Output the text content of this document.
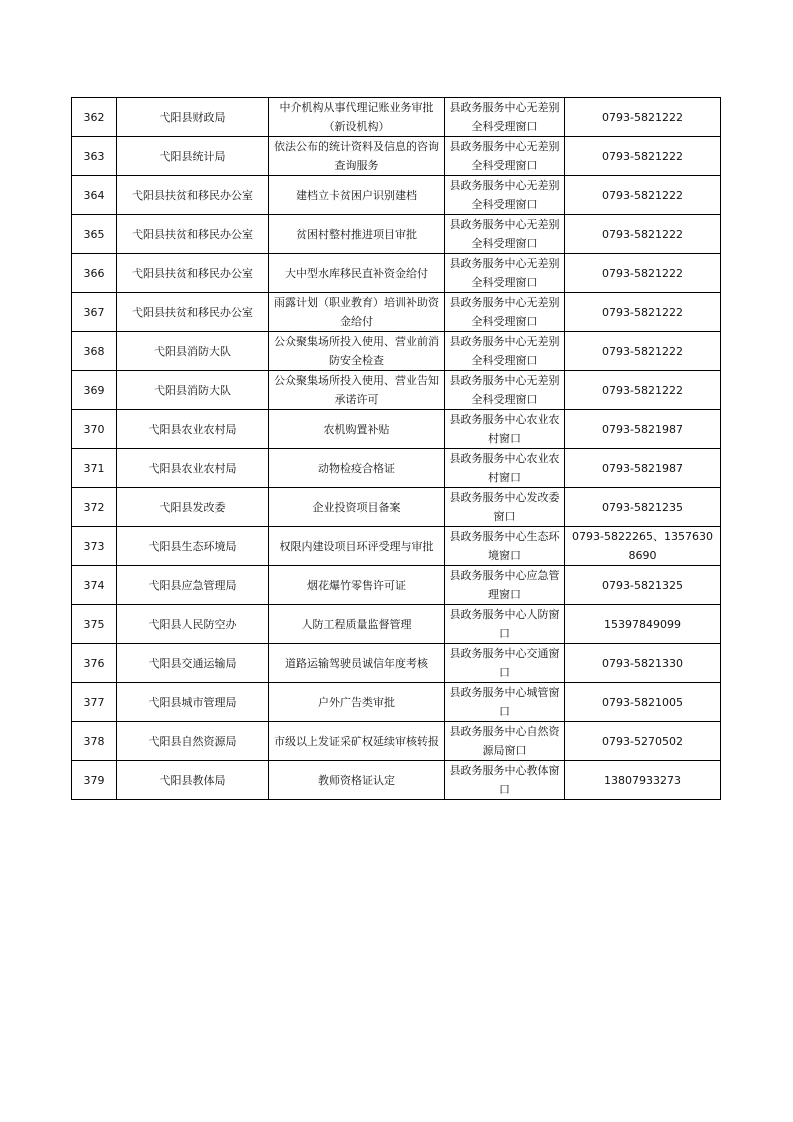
362	弋阳县财政局	中介机构从事代理记账业务审批（新设机构）	县政务服务中心无差别全科受理窗口	0793-5821222
363	弋阳县统计局	依法公布的统计资料及信息的咨询查询服务	县政务服务中心无差别全科受理窗口	0793-5821222
364	弋阳县扶贫和移民办公室	建档立卡贫困户识别建档	县政务服务中心无差别全科受理窗口	0793-5821222
365	弋阳县扶贫和移民办公室	贫困村整村推进项目审批	县政务服务中心无差别全科受理窗口	0793-5821222
366	弋阳县扶贫和移民办公室	大中型水库移民直补资金给付	县政务服务中心无差别全科受理窗口	0793-5821222
367	弋阳县扶贫和移民办公室	雨露计划（职业教育）培训补助资金给付	县政务服务中心无差别全科受理窗口	0793-5821222
368	弋阳县消防大队	公众聚集场所投入使用、营业前消防安全检查	县政务服务中心无差别全科受理窗口	0793-5821222
369	弋阳县消防大队	公众聚集场所投入使用、营业告知承诺许可	县政务服务中心无差别全科受理窗口	0793-5821222
370	弋阳县农业农村局	农机购置补贴	县政务服务中心农业农村窗口	0793-5821987
371	弋阳县农业农村局	动物检疫合格证	县政务服务中心农业农村窗口	0793-5821987
372	弋阳县发改委	企业投资项目备案	县政务服务中心发改委窗口	0793-5821235
373	弋阳县生态环境局	权限内建设项目环评受理与审批	县政务服务中心生态环境窗口	0793-5822265、13576308690
374	弋阳县应急管理局	烟花爆竹零售许可证	县政务服务中心应急管理窗口	0793-5821325
375	弋阳县人民防空办	人防工程质量监督管理	县政务服务中心人防窗口	15397849099
376	弋阳县交通运输局	道路运输驾驶员诚信年度考核	县政务服务中心交通窗口	0793-5821330
377	弋阳县城市管理局	户外广告类审批	县政务服务中心城管窗口	0793-5821005
378	弋阳县自然资源局	市级以上发证采矿权延续审核转报	县政务服务中心自然资源局窗口	0793-5270502
379	弋阳县教体局	教师资格证认定	县政务服务中心教体窗口	13807933273
